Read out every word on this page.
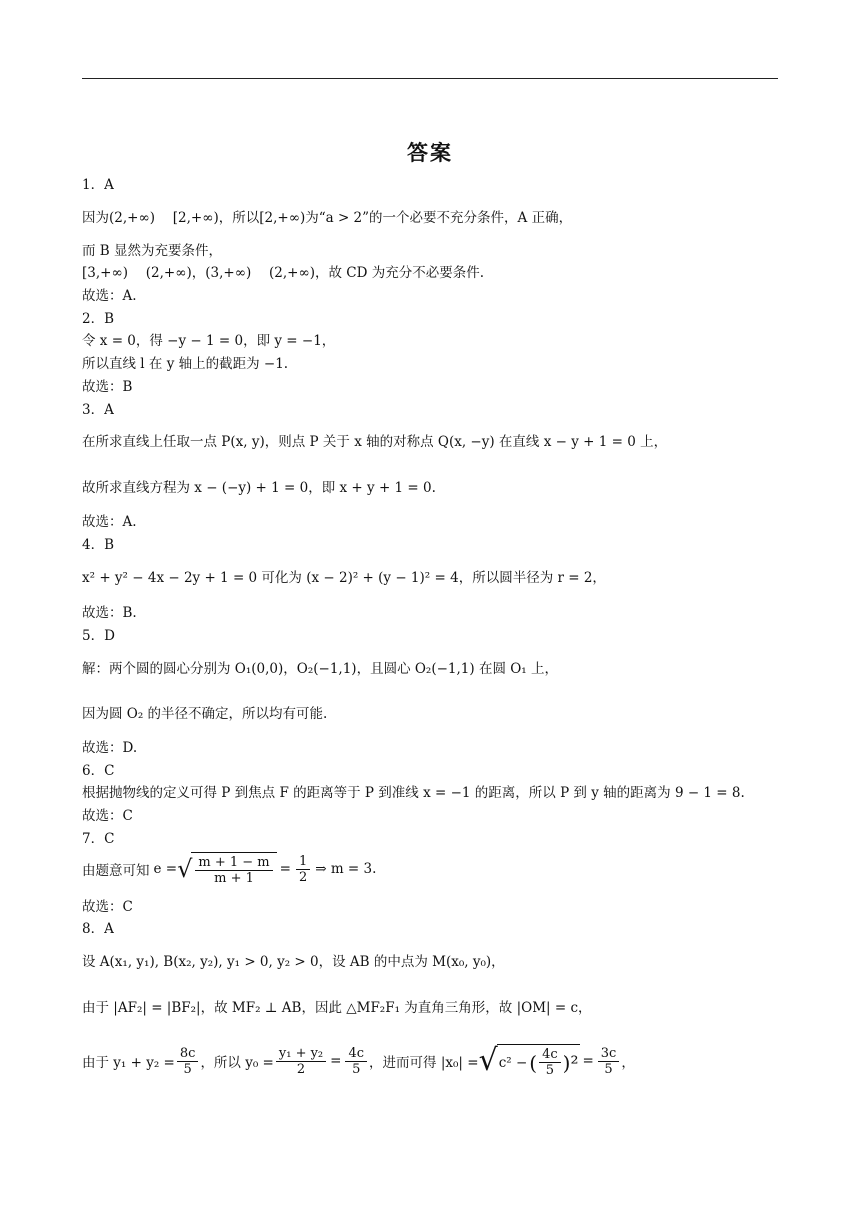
答案
1．A
因为(2,+∞)　 [2,+∞)，所以[2,+∞)为“a > 2”的一个必要不充分条件，A 正确，
而 B 显然为充要条件，
[3,+∞)　 (2,+∞)，(3,+∞)　 (2,+∞)，故 CD 为充分不必要条件.
故选：A.
2．B
令 x = 0，得 −y − 1 = 0，即 y = −1，
所以直线 l 在 y 轴上的截距为 −1.
故选：B
3．A
在所求直线上任取一点 P(x, y)，则点 P 关于 x 轴的对称点 Q(x, −y) 在直线 x − y + 1 = 0 上，
故所求直线方程为 x − (−y) + 1 = 0，即 x + y + 1 = 0.
故选：A.
4．B
x² + y² − 4x − 2y + 1 = 0 可化为 (x − 2)² + (y − 1)² = 4，所以圆半径为 r = 2，
故选：B.
5．D
解：两个圆的圆心分别为 O₁(0,0)，O₂(−1,1)，且圆心 O₂(−1,1) 在圆 O₁ 上，
因为圆 O₂ 的半径不确定，所以均有可能.
故选：D.
6．C
根据抛物线的定义可得 P 到焦点 F 的距离等于 P 到准线 x = −1 的距离，所以 P 到 y 轴的距离为 9 − 1 = 8.
故选：C
7．C
由题意可知 e = √ $\frac{m + 1 - m}{m + 1} = \frac{1}{2}$ ⇒ m = 3.
故选：C
8．A
设 A(x₁, y₁), B(x₂, y₂), y₁ > 0, y₂ > 0，设 AB 的中点为 M(x₀, y₀)，
由于 |AF₂| = |BF₂|，故 MF₂ ⊥ AB，因此 △MF₂F₁ 为直角三角形，故 |OM| = c，
由于 $y_1 + y_2 = \frac{8c}{5}$ ，所以 $y_0 = \frac{\text{y₁ + y₂}}{2} = \frac{4c}{5}$ ，进而可得 |x₀| = √ c² − ( $\frac{4c}{5} )^2 = \frac{3c}{5}$ ，
